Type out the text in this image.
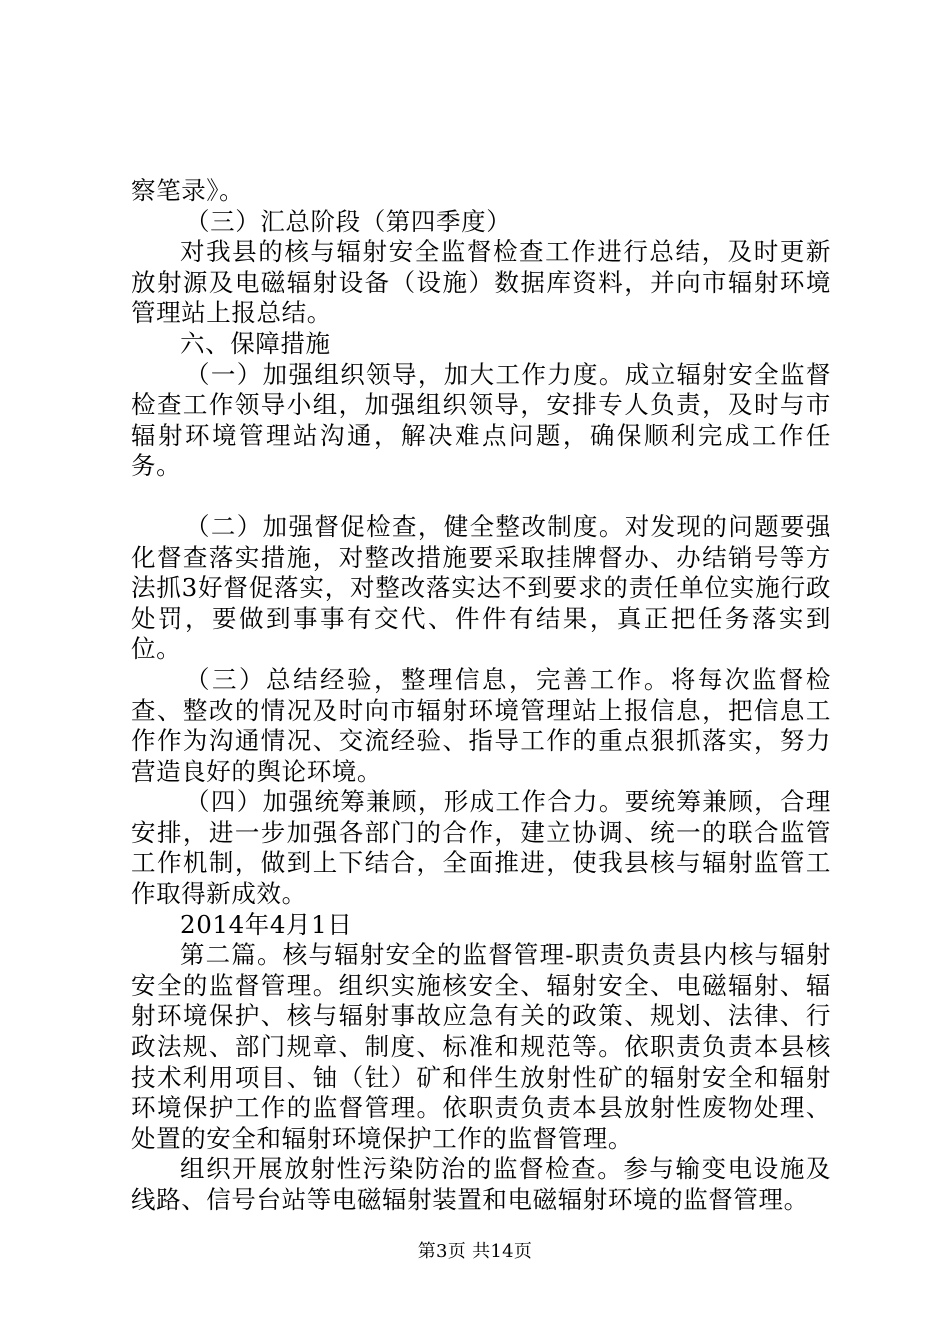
察笔录》。

（三）汇总阶段（第四季度）

对我县的核与辐射安全监督检查工作进行总结，及时更新放射源及电磁辐射设备（设施）数据库资料，并向市辐射环境管理站上报总结。

六、保障措施

（一）加强组织领导，加大工作力度。成立辐射安全监督检查工作领导小组，加强组织领导，安排专人负责，及时与市辐射环境管理站沟通，解决难点问题，确保顺利完成工作任务。

（二）加强督促检查，健全整改制度。对发现的问题要强化督查落实措施，对整改措施要采取挂牌督办、办结销号等方法抓3好督促落实，对整改落实达不到要求的责任单位实施行政处罚，要做到事事有交代、件件有结果，真正把任务落实到位。

（三）总结经验，整理信息，完善工作。将每次监督检查、整改的情况及时向市辐射环境管理站上报信息，把信息工作作为沟通情况、交流经验、指导工作的重点狠抓落实，努力营造良好的舆论环境。

（四）加强统筹兼顾，形成工作合力。要统筹兼顾，合理安排，进一步加强各部门的合作，建立协调、统一的联合监管工作机制，做到上下结合，全面推进，使我县核与辐射监管工作取得新成效。

2014年4月1日

第二篇。核与辐射安全的监督管理-职责负责县内核与辐射安全的监督管理。组织实施核安全、辐射安全、电磁辐射、辐射环境保护、核与辐射事故应急有关的政策、规划、法律、行政法规、部门规章、制度、标准和规范等。依职责负责本县核技术利用项目、铀（钍）矿和伴生放射性矿的辐射安全和辐射环境保护工作的监督管理。依职责负责本县放射性废物处理、处置的安全和辐射环境保护工作的监督管理。

组织开展放射性污染防治的监督检查。参与输变电设施及线路、信号台站等电磁辐射装置和电磁辐射环境的监督管理。

第3页 共14页
